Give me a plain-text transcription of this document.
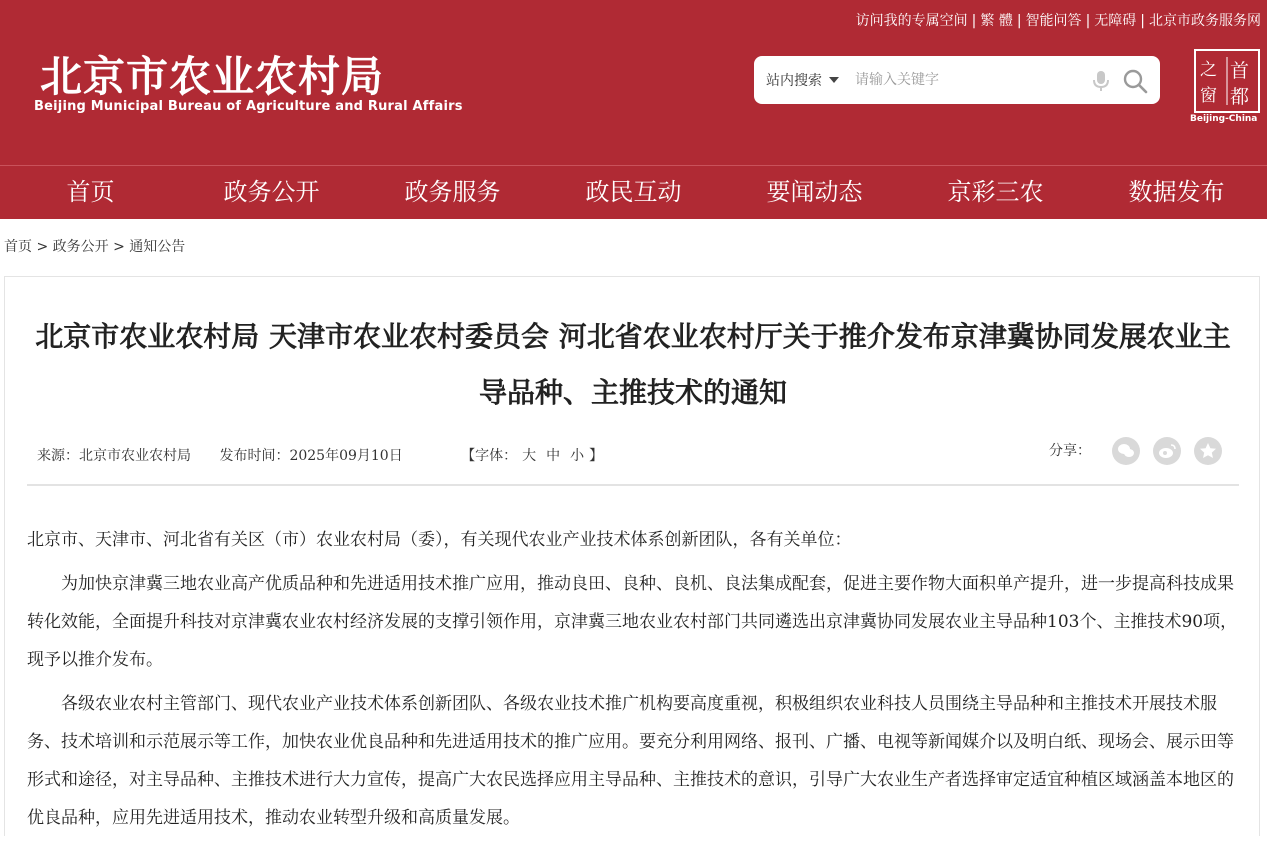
访问我的专属空间 | 繁 體 | 智能问答 | 无障碍 | 北京市政务服务网
北京市农业农村局
Beijing Municipal Bureau of Agriculture and Rural Affairs
站内搜索
请输入关键字
之 首
窗 都
Beijing-China
首页	政务公开	政务服务	政民互动	要闻动态	京彩三农	数据发布
首页 > 政务公开 > 通知公告
北京市农业农村局 天津市农业农村委员会 河北省农业农村厅关于推介发布京津冀协同发展农业主导品种、主推技术的通知
来源：北京市农业农村局 发布时间：2025年09月10日	【字体： 大 中 小 】	分享：

北京市、天津市、河北省有关区（市）农业农村局（委），有关现代农业产业技术体系创新团队，各有关单位：

为加快京津冀三地农业高产优质品种和先进适用技术推广应用，推动良田、良种、良机、良法集成配套，促进主要作物大面积单产提升，进一步提高科技成果转化效能，全面提升科技对京津冀农业农村经济发展的支撑引领作用，京津冀三地农业农村部门共同遴选出京津冀协同发展农业主导品种103个、主推技术90项，现予以推介发布。

各级农业农村主管部门、现代农业产业技术体系创新团队、各级农业技术推广机构要高度重视，积极组织农业科技人员围绕主导品种和主推技术开展技术服务、技术培训和示范展示等工作，加快农业优良品种和先进适用技术的推广应用。要充分利用网络、报刊、广播、电视等新闻媒介以及明白纸、现场会、展示田等形式和途径，对主导品种、主推技术进行大力宣传，提高广大农民选择应用主导品种、主推技术的意识，引导广大农业生产者选择审定适宜种植区域涵盖本地区的优良品种，应用先进适用技术，推动农业转型升级和高质量发展。
